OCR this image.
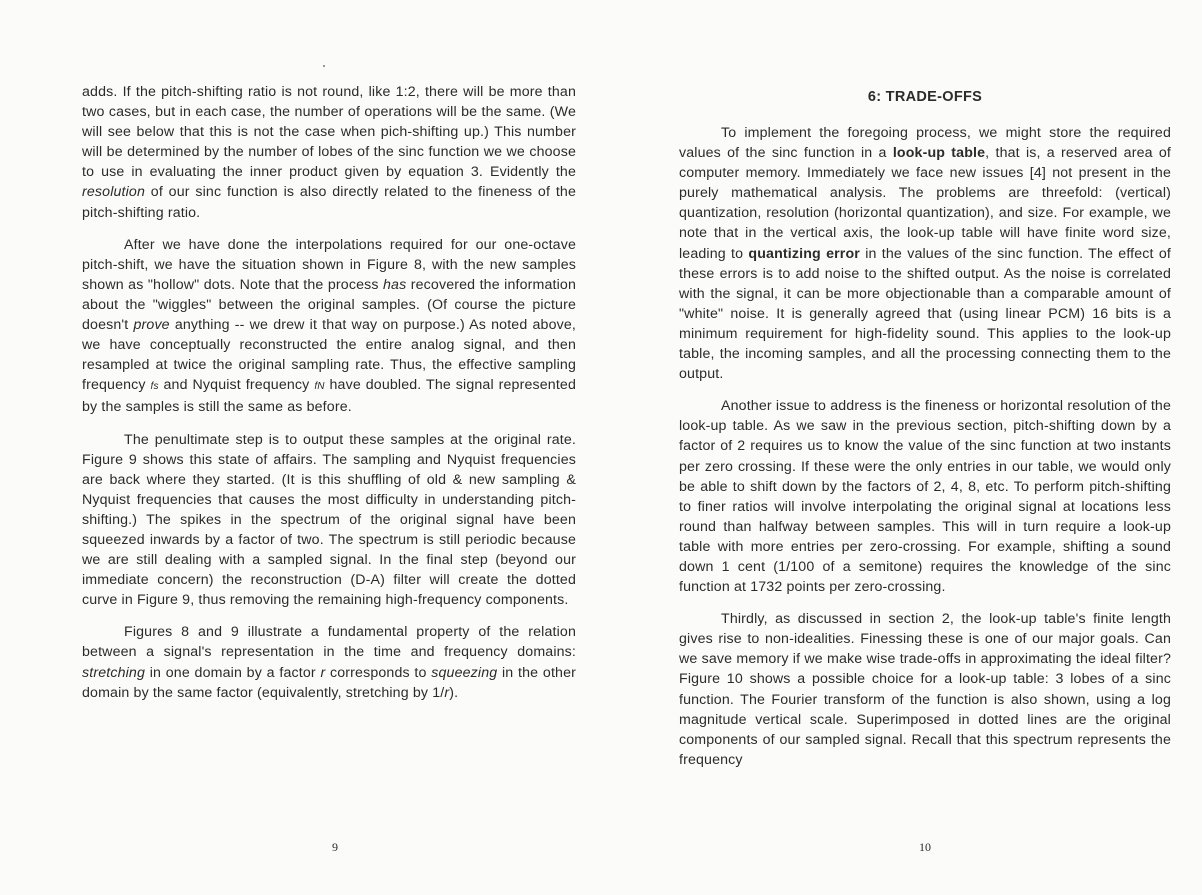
adds. If the pitch-shifting ratio is not round, like 1:2, there will be more than two cases, but in each case, the number of operations will be the same. (We will see below that this is not the case when pich-shifting up.) This number will be determined by the number of lobes of the sinc function we we choose to use in evaluating the inner product given by equation 3. Evidently the resolution of our sinc function is also directly related to the fineness of the pitch-shifting ratio.

After we have done the interpolations required for our one-octave pitch-shift, we have the situation shown in Figure 8, with the new samples shown as "hollow" dots. Note that the process has recovered the information about the "wiggles" between the original samples. (Of course the picture doesn't prove anything -- we drew it that way on purpose.) As noted above, we have conceptually reconstructed the entire analog signal, and then resampled at twice the original sampling rate. Thus, the effective sampling frequency fs and Nyquist frequency fN have doubled. The signal represented by the samples is still the same as before.

The penultimate step is to output these samples at the original rate. Figure 9 shows this state of affairs. The sampling and Nyquist frequencies are back where they started. (It is this shuffling of old & new sampling & Nyquist frequencies that causes the most difficulty in understanding pitch-shifting.) The spikes in the spectrum of the original signal have been squeezed inwards by a factor of two. The spectrum is still periodic because we are still dealing with a sampled signal. In the final step (beyond our immediate concern) the reconstruction (D-A) filter will create the dotted curve in Figure 9, thus removing the remaining high-frequency components.

Figures 8 and 9 illustrate a fundamental property of the relation between a signal's representation in the time and frequency domains: stretching in one domain by a factor r corresponds to squeezing in the other domain by the same factor (equivalently, stretching by 1/r).

9
6: TRADE-OFFS

To implement the foregoing process, we might store the required values of the sinc function in a look-up table, that is, a reserved area of computer memory. Immediately we face new issues [4] not present in the purely mathematical analysis. The problems are threefold: (vertical) quantization, resolution (horizontal quantization), and size. For example, we note that in the vertical axis, the look-up table will have finite word size, leading to quantizing error in the values of the sinc function. The effect of these errors is to add noise to the shifted output. As the noise is correlated with the signal, it can be more objectionable than a comparable amount of "white" noise. It is generally agreed that (using linear PCM) 16 bits is a minimum requirement for high-fidelity sound. This applies to the look-up table, the incoming samples, and all the processing connecting them to the output.

Another issue to address is the fineness or horizontal resolution of the look-up table. As we saw in the previous section, pitch-shifting down by a factor of 2 requires us to know the value of the sinc function at two instants per zero crossing. If these were the only entries in our table, we would only be able to shift down by the factors of 2, 4, 8, etc. To perform pitch-shifting to finer ratios will involve interpolating the original signal at locations less round than halfway between samples. This will in turn require a look-up table with more entries per zero-crossing. For example, shifting a sound down 1 cent (1/100 of a semitone) requires the knowledge of the sinc function at 1732 points per zero-crossing.

Thirdly, as discussed in section 2, the look-up table's finite length gives rise to non-idealities. Finessing these is one of our major goals. Can we save memory if we make wise trade-offs in approximating the ideal filter? Figure 10 shows a possible choice for a look-up table: 3 lobes of a sinc function. The Fourier transform of the function is also shown, using a log magnitude vertical scale. Superimposed in dotted lines are the original components of our sampled signal. Recall that this spectrum represents the frequency

10
